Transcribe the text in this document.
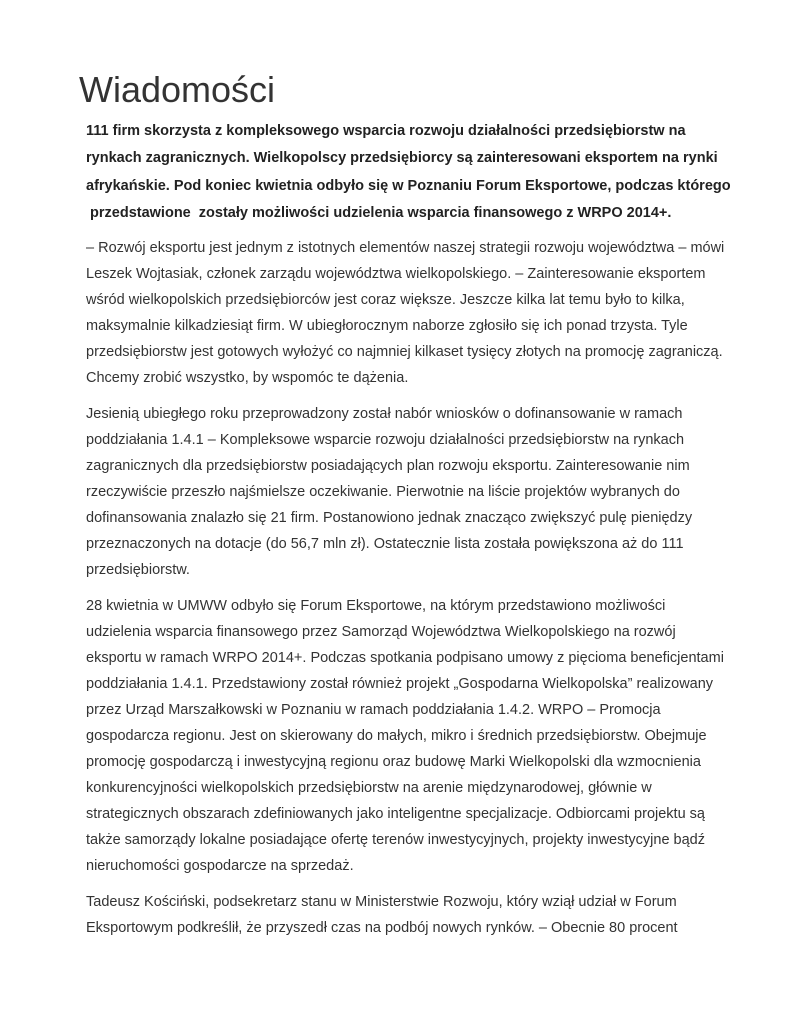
Wiadomości

111 firm skorzysta z kompleksowego wsparcia rozwoju działalności przedsiębiorstw na
rynkach zagranicznych. Wielkopolscy przedsiębiorcy są zainteresowani eksportem na rynki
afrykańskie. Pod koniec kwietnia odbyło się w Poznaniu Forum Eksportowe, podczas którego
przedstawione  zostały możliwości udzielenia wsparcia finansowego z WRPO 2014+.

– Rozwój eksportu jest jednym z istotnych elementów naszej strategii rozwoju województwa – mówi
Leszek Wojtasiak, członek zarządu województwa wielkopolskiego. – Zainteresowanie eksportem
wśród wielkopolskich przedsiębiorców jest coraz większe. Jeszcze kilka lat temu było to kilka,
maksymalnie kilkadziesiąt firm. W ubiegłorocznym naborze zgłosiło się ich ponad trzysta. Tyle
przedsiębiorstw jest gotowych wyłożyć co najmniej kilkaset tysięcy złotych na promocję zagraniczą.
Chcemy zrobić wszystko, by wspomóc te dążenia.

Jesienią ubiegłego roku przeprowadzony został nabór wniosków o dofinansowanie w ramach
poddziałania 1.4.1 – Kompleksowe wsparcie rozwoju działalności przedsiębiorstw na rynkach
zagranicznych dla przedsiębiorstw posiadających plan rozwoju eksportu. Zainteresowanie nim
rzeczywiście przeszło najśmielsze oczekiwanie. Pierwotnie na liście projektów wybranych do
dofinansowania znalazło się 21 firm. Postanowiono jednak znacząco zwiększyć pulę pieniędzy
przeznaczonych na dotacje (do 56,7 mln zł). Ostatecznie lista została powiększona aż do 111
przedsiębiorstw.

28 kwietnia w UMWW odbyło się Forum Eksportowe, na którym przedstawiono możliwości
udzielenia wsparcia finansowego przez Samorząd Województwa Wielkopolskiego na rozwój
eksportu w ramach WRPO 2014+. Podczas spotkania podpisano umowy z pięcioma beneficjentami
poddziałania 1.4.1. Przedstawiony został również projekt „Gospodarna Wielkopolska” realizowany
przez Urząd Marszałkowski w Poznaniu w ramach poddziałania 1.4.2. WRPO – Promocja
gospodarcza regionu. Jest on skierowany do małych, mikro i średnich przedsiębiorstw. Obejmuje
promocję gospodarczą i inwestycyjną regionu oraz budowę Marki Wielkopolski dla wzmocnienia
konkurencyjności wielkopolskich przedsiębiorstw na arenie międzynarodowej, głównie w
strategicznych obszarach zdefiniowanych jako inteligentne specjalizacje. Odbiorcami projektu są
także samorządy lokalne posiadające ofertę terenów inwestycyjnych, projekty inwestycyjne bądź
nieruchomości gospodarcze na sprzedaż.

Tadeusz Kościński, podsekretarz stanu w Ministerstwie Rozwoju, który wziął udział w Forum
Eksportowym podkreślił, że przyszedł czas na podbój nowych rynków. – Obecnie 80 procent
